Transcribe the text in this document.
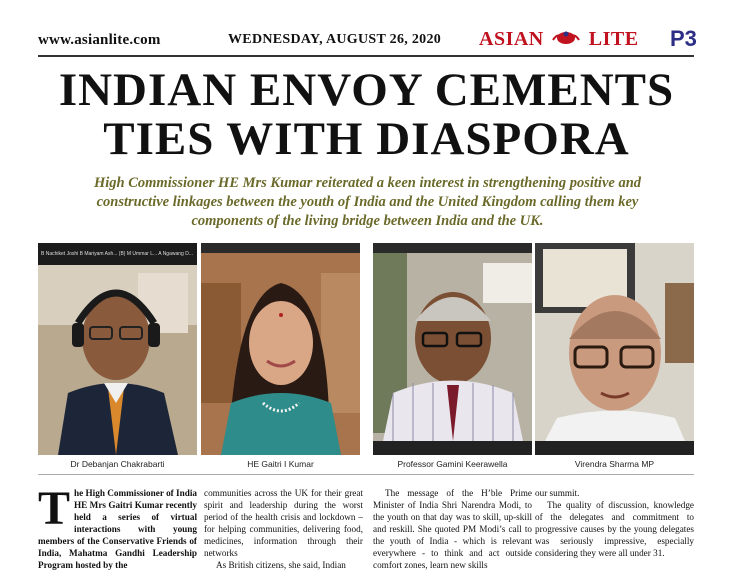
www.asianlite.com	WEDNESDAY, AUGUST 26, 2020 ASIAN LITE P3
INDIAN ENVOY CEMENTS
TIES WITH DIASPORA
High Commissioner HE Mrs Kumar reiterated a keen interest in strengthening positive and constructive linkages between the youth of India and the United Kingdom calling them key components of the living bridge between India and the UK.
B Nachiket Joshi B Mariyam Ash... (B) M Ummar L... A Ngawang D...
Dr Debanjan Chakrabarti	HE Gaitri I Kumar	Professor Gamini Keerawella	Virendra Sharma MP
T he High Commissioner of India HE Mrs Gaitri Kumar recently held a series of virtual interactions with young members of the Conservative Friends of India, Mahatma Gandhi Leadership Program hosted by the
communities across the UK for their great spirit and leadership during the worst period of the health crisis and lockdown – for helping communities, delivering food, medicines, information through their networks
As British citizens, she said, Indian
The message of the H’ble Prime Minister of India Shri Narendra Modi, to the youth on that day was to skill, up-skill and reskill. She quoted PM Modi’s call to the youth of India - which is relevant everywhere - to think and act outside comfort zones, learn new skills
our summit.
The quality of discussion, knowledge of the delegates and commitment to progressive causes by the young delegates was seriously impressive, especially considering they were all under 31.
